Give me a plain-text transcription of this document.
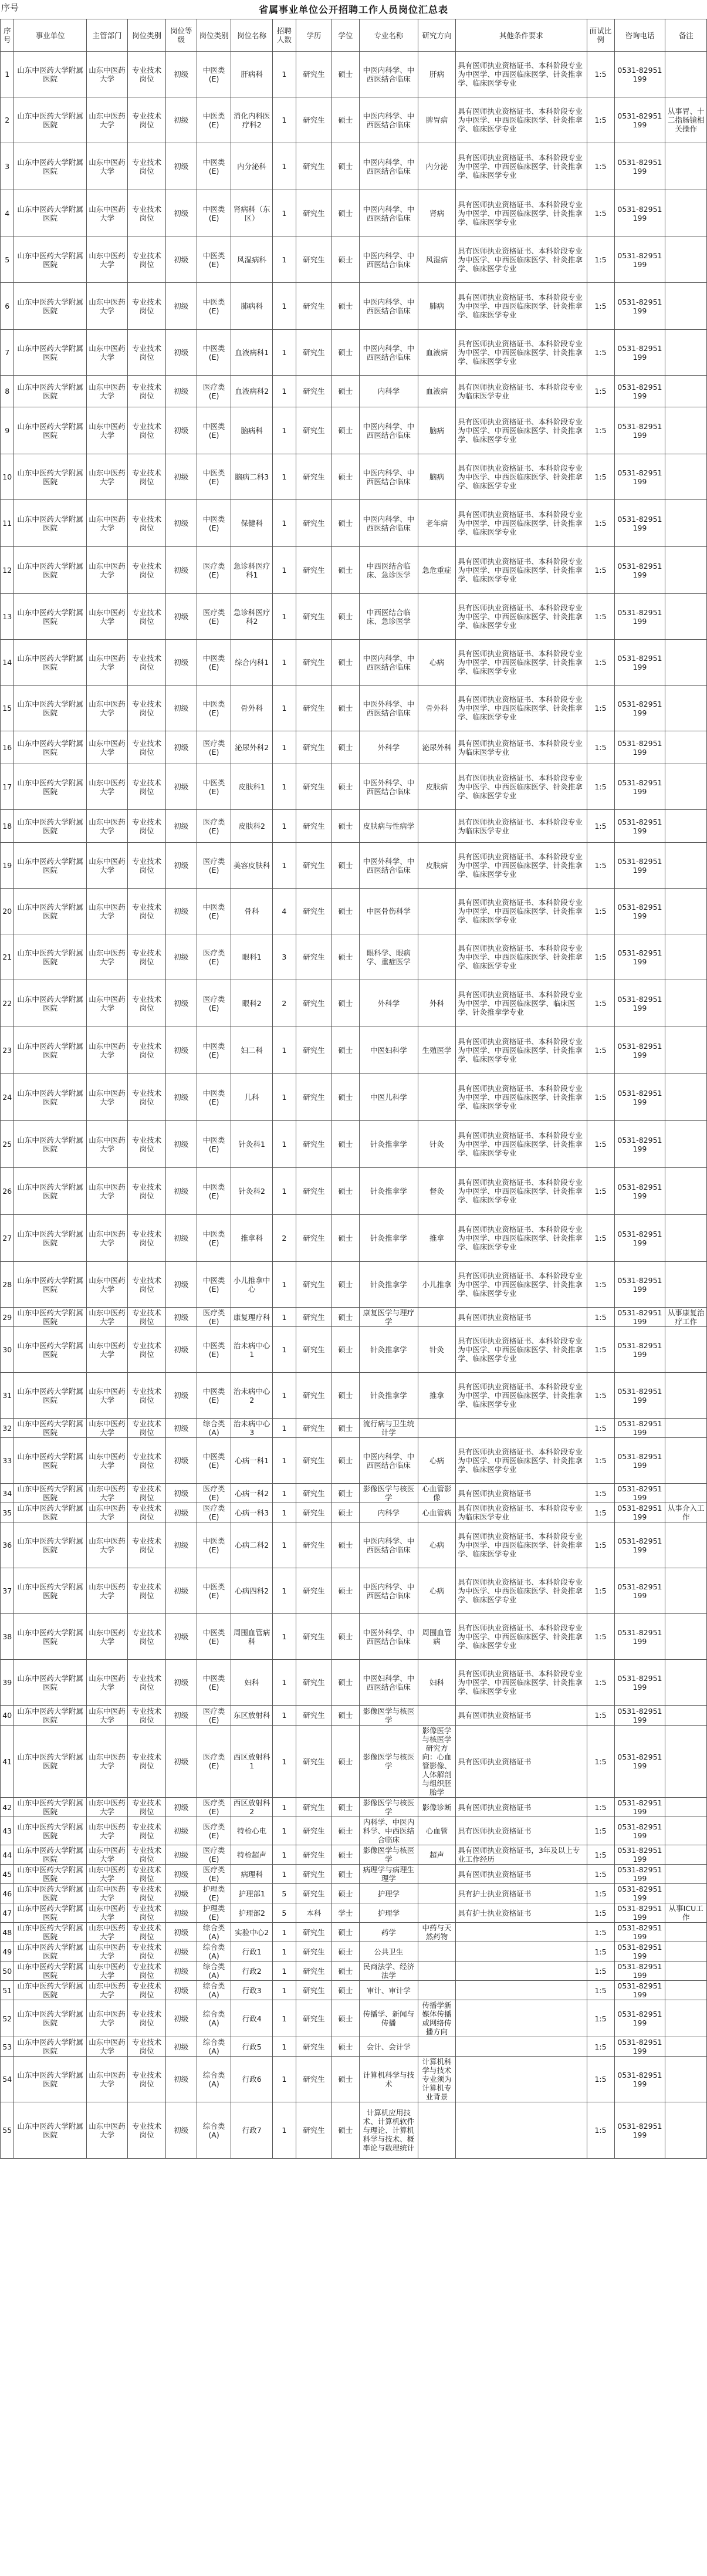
序号	省属事业单位公开招聘工作人员岗位汇总表
序号	事业单位	主管部门	岗位类别	岗位等级	岗位类别	岗位名称	招聘人数	学历	学位	专业名称	研究方向	其他条件要求	面试比例	咨询电话	备注
1	山东中医药大学附属医院	山东中医药大学	专业技术岗位	初级	中医类(E)	肝病科	1	研究生	硕士	中医内科学、中西医结合临床	肝病	具有医师执业资格证书、本科阶段专业为中医学、中西医临床医学、针灸推拿学、临床医学专业	1:5	0531-82951199	
2	山东中医药大学附属医院	山东中医药大学	专业技术岗位	初级	中医类(E)	消化内科医疗科2	1	研究生	硕士	中医内科学、中西医结合临床	脾胃病	具有医师执业资格证书、本科阶段专业为中医学、中西医临床医学、针灸推拿学、临床医学专业	1:5	0531-82951199	从事胃、十二指肠镜相关操作
3	山东中医药大学附属医院	山东中医药大学	专业技术岗位	初级	中医类(E)	内分泌科	1	研究生	硕士	中医内科学、中西医结合临床	内分泌	具有医师执业资格证书、本科阶段专业为中医学、中西医临床医学、针灸推拿学、临床医学专业	1:5	0531-82951199	
4	山东中医药大学附属医院	山东中医药大学	专业技术岗位	初级	中医类(E)	肾病科（东区）	1	研究生	硕士	中医内科学、中西医结合临床	肾病	具有医师执业资格证书、本科阶段专业为中医学、中西医临床医学、针灸推拿学、临床医学专业	1:5	0531-82951199	
5	山东中医药大学附属医院	山东中医药大学	专业技术岗位	初级	中医类(E)	风湿病科	1	研究生	硕士	中医内科学、中西医结合临床	风湿病	具有医师执业资格证书、本科阶段专业为中医学、中西医临床医学、针灸推拿学、临床医学专业	1:5	0531-82951199	
6	山东中医药大学附属医院	山东中医药大学	专业技术岗位	初级	中医类(E)	肺病科	1	研究生	硕士	中医内科学、中西医结合临床	肺病	具有医师执业资格证书、本科阶段专业为中医学、中西医临床医学、针灸推拿学、临床医学专业	1:5	0531-82951199	
7	山东中医药大学附属医院	山东中医药大学	专业技术岗位	初级	中医类(E)	血液病科1	1	研究生	硕士	中医内科学、中西医结合临床	血液病	具有医师执业资格证书、本科阶段专业为中医学、中西医临床医学、针灸推拿学、临床医学专业	1:5	0531-82951199	
8	山东中医药大学附属医院	山东中医药大学	专业技术岗位	初级	医疗类(E)	血液病科2	1	研究生	硕士	内科学	血液病	具有医师执业资格证书、本科阶段专业为临床医学专业	1:5	0531-82951199	
9	山东中医药大学附属医院	山东中医药大学	专业技术岗位	初级	中医类(E)	脑病科	1	研究生	硕士	中医内科学、中西医结合临床	脑病	具有医师执业资格证书、本科阶段专业为中医学、中西医临床医学、针灸推拿学、临床医学专业	1:5	0531-82951199	
10	山东中医药大学附属医院	山东中医药大学	专业技术岗位	初级	中医类(E)	脑病二科3	1	研究生	硕士	中医内科学、中西医结合临床	脑病	具有医师执业资格证书、本科阶段专业为中医学、中西医临床医学、针灸推拿学、临床医学专业	1:5	0531-82951199	
11	山东中医药大学附属医院	山东中医药大学	专业技术岗位	初级	中医类(E)	保健科	1	研究生	硕士	中医内科学、中西医结合临床	老年病	具有医师执业资格证书、本科阶段专业为中医学、中西医临床医学、针灸推拿学、临床医学专业	1:5	0531-82951199	
12	山东中医药大学附属医院	山东中医药大学	专业技术岗位	初级	医疗类(E)	急诊科医疗科1	1	研究生	硕士	中西医结合临床、急诊医学	急危重症	具有医师执业资格证书、本科阶段专业为中医学、中西医临床医学、针灸推拿学、临床医学专业	1:5	0531-82951199	
13	山东中医药大学附属医院	山东中医药大学	专业技术岗位	初级	医疗类(E)	急诊科医疗科2	1	研究生	硕士	中西医结合临床、急诊医学		具有医师执业资格证书、本科阶段专业为中医学、中西医临床医学、针灸推拿学、临床医学专业	1:5	0531-82951199	
14	山东中医药大学附属医院	山东中医药大学	专业技术岗位	初级	中医类(E)	综合内科1	1	研究生	硕士	中医内科学、中西医结合临床	心病	具有医师执业资格证书、本科阶段专业为中医学、中西医临床医学、针灸推拿学、临床医学专业	1:5	0531-82951199	
15	山东中医药大学附属医院	山东中医药大学	专业技术岗位	初级	中医类(E)	骨外科	1	研究生	硕士	中医外科学、中西医结合临床	骨外科	具有医师执业资格证书、本科阶段专业为中医学、中西医临床医学、针灸推拿学、临床医学专业	1:5	0531-82951199	
16	山东中医药大学附属医院	山东中医药大学	专业技术岗位	初级	医疗类(E)	泌尿外科2	1	研究生	硕士	外科学	泌尿外科	具有医师执业资格证书、本科阶段专业为临床医学专业	1:5	0531-82951199	
17	山东中医药大学附属医院	山东中医药大学	专业技术岗位	初级	中医类(E)	皮肤科1	1	研究生	硕士	中医外科学、中西医结合临床	皮肤病	具有医师执业资格证书、本科阶段专业为中医学、中西医临床医学、针灸推拿学、临床医学专业	1:5	0531-82951199	
18	山东中医药大学附属医院	山东中医药大学	专业技术岗位	初级	医疗类(E)	皮肤科2	1	研究生	硕士	皮肤病与性病学		具有医师执业资格证书、本科阶段专业为临床医学专业	1:5	0531-82951199	
19	山东中医药大学附属医院	山东中医药大学	专业技术岗位	初级	医疗类(E)	美容皮肤科	1	研究生	硕士	中医外科学、中西医结合临床	皮肤病	具有医师执业资格证书、本科阶段专业为中医学、中西医临床医学、针灸推拿学、临床医学专业	1:5	0531-82951199	
20	山东中医药大学附属医院	山东中医药大学	专业技术岗位	初级	中医类(E)	骨科	4	研究生	硕士	中医骨伤科学		具有医师执业资格证书、本科阶段专业为中医学、中西医临床医学、针灸推拿学、临床医学专业	1:5	0531-82951199	
21	山东中医药大学附属医院	山东中医药大学	专业技术岗位	初级	医疗类(E)	眼科1	3	研究生	硕士	眼科学、眼病学、重症医学		具有医师执业资格证书、本科阶段专业为中医学、中西医临床医学、针灸推拿学、临床医学专业	1:5	0531-82951199	
22	山东中医药大学附属医院	山东中医药大学	专业技术岗位	初级	医疗类(E)	眼科2	2	研究生	硕士	外科学	外科	具有医师执业资格证书、本科阶段专业为中医学、中西医临床医学、临床医学、针灸推拿学专业	1:5	0531-82951199	
23	山东中医药大学附属医院	山东中医药大学	专业技术岗位	初级	中医类(E)	妇二科	1	研究生	硕士	中医妇科学	生殖医学	具有医师执业资格证书、本科阶段专业为中医学、中西医临床医学、针灸推拿学、临床医学专业	1:5	0531-82951199	
24	山东中医药大学附属医院	山东中医药大学	专业技术岗位	初级	中医类(E)	儿科	1	研究生	硕士	中医儿科学		具有医师执业资格证书、本科阶段专业为中医学、中西医临床医学、针灸推拿学、临床医学专业	1:5	0531-82951199	
25	山东中医药大学附属医院	山东中医药大学	专业技术岗位	初级	中医类(E)	针灸科1	1	研究生	硕士	针灸推拿学	针灸	具有医师执业资格证书、本科阶段专业为中医学、中西医临床医学、针灸推拿学、临床医学专业	1:5	0531-82951199	
26	山东中医药大学附属医院	山东中医药大学	专业技术岗位	初级	中医类(E)	针灸科2	1	研究生	硕士	针灸推拿学	督灸	具有医师执业资格证书、本科阶段专业为中医学、中西医临床医学、针灸推拿学、临床医学专业	1:5	0531-82951199	
27	山东中医药大学附属医院	山东中医药大学	专业技术岗位	初级	中医类(E)	推拿科	2	研究生	硕士	针灸推拿学	推拿	具有医师执业资格证书、本科阶段专业为中医学、中西医临床医学、针灸推拿学、临床医学专业	1:5	0531-82951199	
28	山东中医药大学附属医院	山东中医药大学	专业技术岗位	初级	中医类(E)	小儿推拿中心	1	研究生	硕士	针灸推拿学	小儿推拿	具有医师执业资格证书、本科阶段专业为中医学、中西医临床医学、针灸推拿学、临床医学专业	1:5	0531-82951199	
29	山东中医药大学附属医院	山东中医药大学	专业技术岗位	初级	医疗类(E)	康复理疗科	1	研究生	硕士	康复医学与理疗学		具有医师执业资格证书	1:5	0531-82951199	从事康复治疗工作
30	山东中医药大学附属医院	山东中医药大学	专业技术岗位	初级	中医类(E)	治未病中心1	1	研究生	硕士	针灸推拿学	针灸	具有医师执业资格证书、本科阶段专业为中医学、中西医临床医学、针灸推拿学、临床医学专业	1:5	0531-82951199	
31	山东中医药大学附属医院	山东中医药大学	专业技术岗位	初级	中医类(E)	治未病中心2	1	研究生	硕士	针灸推拿学	推拿	具有医师执业资格证书、本科阶段专业为中医学、中西医临床医学、针灸推拿学、临床医学专业	1:5	0531-82951199	
32	山东中医药大学附属医院	山东中医药大学	专业技术岗位	初级	综合类(A)	治未病中心3	1	研究生	硕士	流行病与卫生统计学			1:5	0531-82951199	
33	山东中医药大学附属医院	山东中医药大学	专业技术岗位	初级	中医类(E)	心病一科1	1	研究生	硕士	中医内科学、中西医结合临床	心病	具有医师执业资格证书、本科阶段专业为中医学、中西医临床医学、针灸推拿学、临床医学专业	1:5	0531-82951199	
34	山东中医药大学附属医院	山东中医药大学	专业技术岗位	初级	医疗类(E)	心病一科2	1	研究生	硕士	影像医学与核医学	心血管影像	具有医师执业资格证书	1:5	0531-82951199	
35	山东中医药大学附属医院	山东中医药大学	专业技术岗位	初级	医疗类(E)	心病一科3	1	研究生	硕士	内科学	心血管病	具有医师执业资格证书、本科阶段专业为临床医学专业	1:5	0531-82951199	从事介入工作
36	山东中医药大学附属医院	山东中医药大学	专业技术岗位	初级	中医类(E)	心病二科2	1	研究生	硕士	中医内科学、中西医结合临床	心病	具有医师执业资格证书、本科阶段专业为中医学、中西医临床医学、针灸推拿学、临床医学专业	1:5	0531-82951199	
37	山东中医药大学附属医院	山东中医药大学	专业技术岗位	初级	中医类(E)	心病四科2	1	研究生	硕士	中医内科学、中西医结合临床	心病	具有医师执业资格证书、本科阶段专业为中医学、中西医临床医学、针灸推拿学、临床医学专业	1:5	0531-82951199	
38	山东中医药大学附属医院	山东中医药大学	专业技术岗位	初级	中医类(E)	周围血管病科	1	研究生	硕士	中医外科学、中西医结合临床	周围血管病	具有医师执业资格证书、本科阶段专业为中医学、中西医临床医学、针灸推拿学、临床医学专业	1:5	0531-82951199	
39	山东中医药大学附属医院	山东中医药大学	专业技术岗位	初级	中医类(E)	妇科	1	研究生	硕士	中医妇科学、中西医结合临床	妇科	具有医师执业资格证书、本科阶段专业为中医学、中西医临床医学、针灸推拿学、临床医学专业	1:5	0531-82951199	
40	山东中医药大学附属医院	山东中医药大学	专业技术岗位	初级	医疗类(E)	东区放射科	1	研究生	硕士	影像医学与核医学		具有医师执业资格证书	1:5	0531-82951199	
41	山东中医药大学附属医院	山东中医药大学	专业技术岗位	初级	医疗类(E)	西区放射科1	1	研究生	硕士	影像医学与核医学	影像医学与核医学研究方向：心血管影像、人体解剖与组织胚胎学	具有医师执业资格证书	1:5	0531-82951199	
42	山东中医药大学附属医院	山东中医药大学	专业技术岗位	初级	医疗类(E)	西区放射科2	1	研究生	硕士	影像医学与核医学	影像诊断	具有医师执业资格证书	1:5	0531-82951199	
43	山东中医药大学附属医院	山东中医药大学	专业技术岗位	初级	医疗类(E)	特检心电	1	研究生	硕士	内科学、中医内科学、中西医结合临床	心血管	具有医师执业资格证书	1:5	0531-82951199	
44	山东中医药大学附属医院	山东中医药大学	专业技术岗位	初级	医疗类(E)	特检超声	1	研究生	硕士	影像医学与核医学	超声	具有医师执业资格证书，3年及以上专业工作经历	1:5	0531-82951199	
45	山东中医药大学附属医院	山东中医药大学	专业技术岗位	初级	医疗类(E)	病理科	1	研究生	硕士	病理学与病理生理学		具有医师执业资格证书	1:5	0531-82951199	
46	山东中医药大学附属医院	山东中医药大学	专业技术岗位	初级	护理类(E)	护理部1	5	研究生	硕士	护理学		具有护士执业资格证书	1:5	0531-82951199	
47	山东中医药大学附属医院	山东中医药大学	专业技术岗位	初级	护理类(E)	护理部2	5	本科	学士	护理学		具有护士执业资格证书	1:5	0531-82951199	从事ICU工作
48	山东中医药大学附属医院	山东中医药大学	专业技术岗位	初级	综合类(A)	实验中心2	1	研究生	硕士	药学	中药与天然药物		1:5	0531-82951199	
49	山东中医药大学附属医院	山东中医药大学	专业技术岗位	初级	综合类(A)	行政1	1	研究生	硕士	公共卫生			1:5	0531-82951199	
50	山东中医药大学附属医院	山东中医药大学	专业技术岗位	初级	综合类(A)	行政2	1	研究生	硕士	民商法学、经济法学			1:5	0531-82951199	
51	山东中医药大学附属医院	山东中医药大学	专业技术岗位	初级	综合类(A)	行政3	1	研究生	硕士	审计、审计学			1:5	0531-82951199	
52	山东中医药大学附属医院	山东中医药大学	专业技术岗位	初级	综合类(A)	行政4	1	研究生	硕士	传播学、新闻与传播	传播学新媒体传播或网络传播方向		1:5	0531-82951199	
53	山东中医药大学附属医院	山东中医药大学	专业技术岗位	初级	综合类(A)	行政5	1	研究生	硕士	会计、会计学			1:5	0531-82951199	
54	山东中医药大学附属医院	山东中医药大学	专业技术岗位	初级	综合类(A)	行政6	1	研究生	硕士	计算机科学与技术	计算机科学与技术专业须为计算机专业背景		1:5	0531-82951199	
55	山东中医药大学附属医院	山东中医药大学	专业技术岗位	初级	综合类(A)	行政7	1	研究生	硕士	计算机应用技术、计算机软件与理论、计算机科学与技术、概率论与数理统计			1:5	0531-82951199	
